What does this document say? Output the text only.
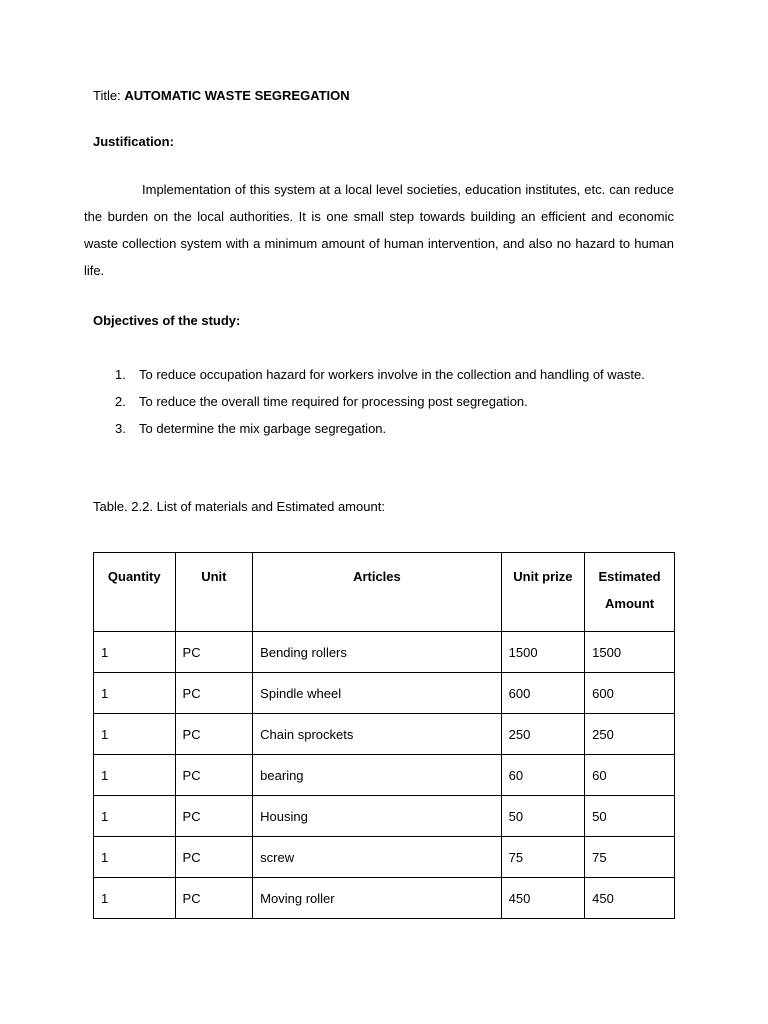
Title: AUTOMATIC WASTE SEGREGATION
Justification:
Implementation of this system at a local level societies, education institutes, etc. can reduce the burden on the local authorities. It is one small step towards building an efficient and economic waste collection system with a minimum amount of human intervention, and also no hazard to human life.
Objectives of the study:
1. To reduce occupation hazard for workers involve in the collection and handling of waste.
2. To reduce the overall time required for processing post segregation.
3. To determine the mix garbage segregation.
Table. 2.2. List of materials and Estimated amount:
Quantity	Unit	Articles	Unit prize	Estimated
Amount
1	PC	Bending rollers	1500	1500
1	PC	Spindle wheel	600	600
1	PC	Chain sprockets	250	250
1	PC	bearing	60	60
1	PC	Housing	50	50
1	PC	screw	75	75
1	PC	Moving roller	450	450
